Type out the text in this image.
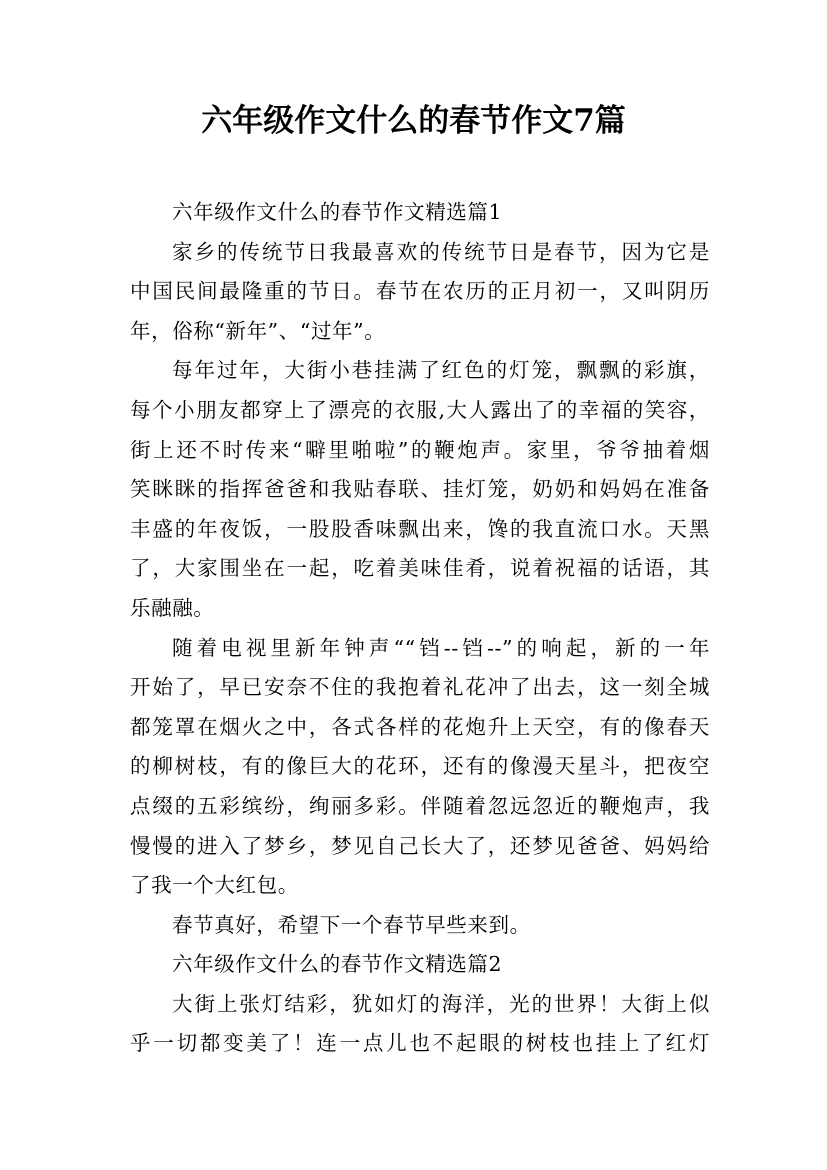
六年级作文什么的春节作文7篇
六年级作文什么的春节作文精选篇1
家乡的传统节日我最喜欢的传统节日是春节，因为它是
中国民间最隆重的节日。春节在农历的正月初一，又叫阴历
年，俗称“新年”、“过年”。
每年过年，大街小巷挂满了红色的灯笼，飘飘的彩旗，
每个小朋友都穿上了漂亮的衣服,大人露出了的幸福的笑容，
街上还不时传来“噼里啪啦”的鞭炮声。家里，爷爷抽着烟
笑眯眯的指挥爸爸和我贴春联、挂灯笼，奶奶和妈妈在准备
丰盛的年夜饭，一股股香味飘出来，馋的我直流口水。天黑
了，大家围坐在一起，吃着美味佳肴，说着祝福的话语，其
乐融融。
随着电视里新年钟声““铛--铛--”的响起，新的一年
开始了，早已安奈不住的我抱着礼花冲了出去，这一刻全城
都笼罩在烟火之中，各式各样的花炮升上天空，有的像春天
的柳树枝，有的像巨大的花环，还有的像漫天星斗，把夜空
点缀的五彩缤纷，绚丽多彩。伴随着忽远忽近的鞭炮声，我
慢慢的进入了梦乡，梦见自己长大了，还梦见爸爸、妈妈给
了我一个大红包。
春节真好，希望下一个春节早些来到。
六年级作文什么的春节作文精选篇2
大街上张灯结彩，犹如灯的海洋，光的世界！大街上似
乎一切都变美了！连一点儿也不起眼的树枝也挂上了红灯
